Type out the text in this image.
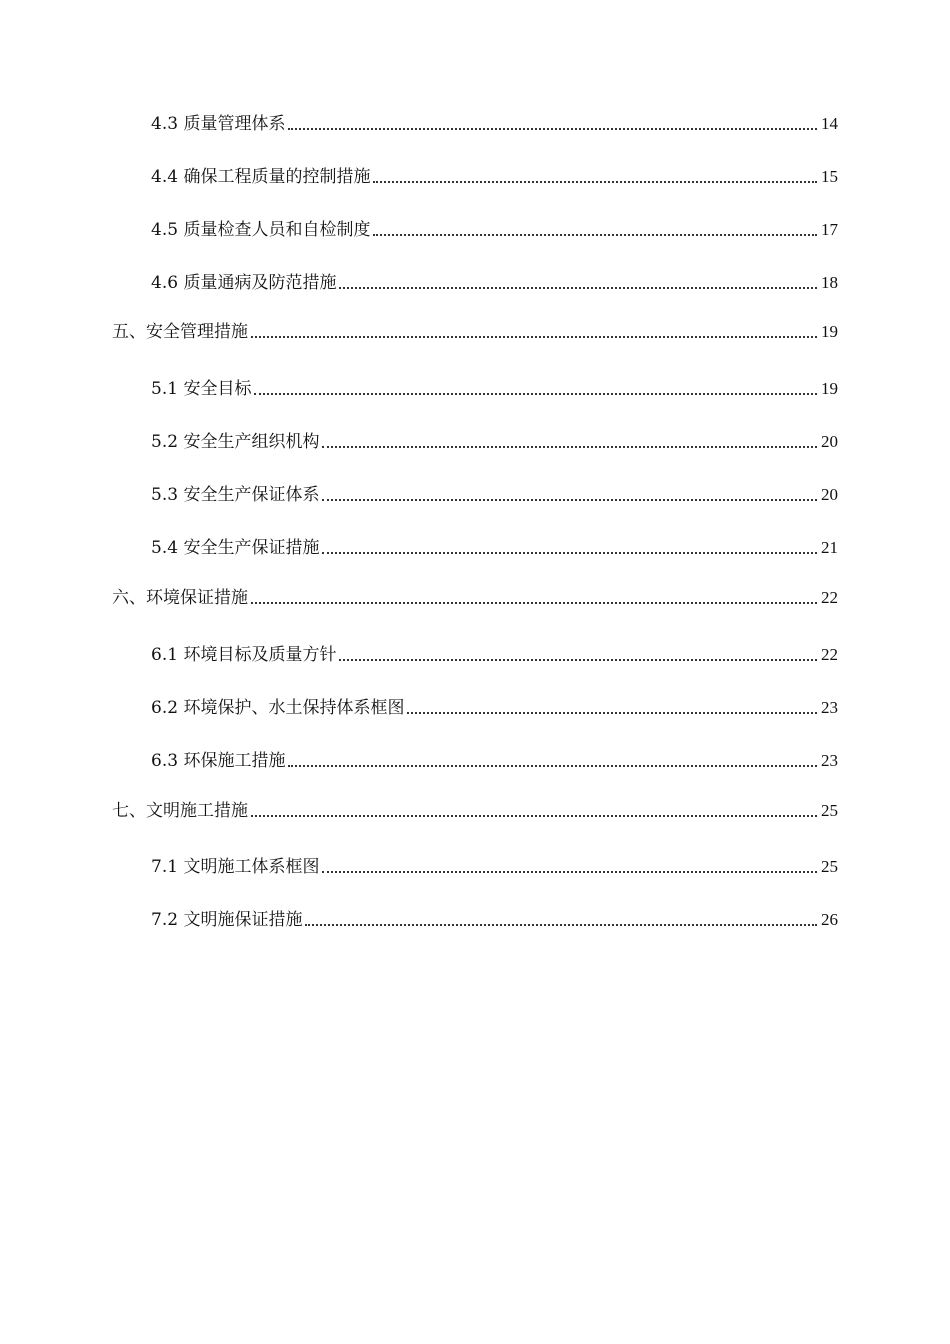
4.3 质量管理体系	14
4.4 确保工程质量的控制措施	15
4.5 质量检查人员和自检制度	17
4.6 质量通病及防范措施	18
五、安全管理措施	19
5.1 安全目标	19
5.2 安全生产组织机构	20
5.3 安全生产保证体系	20
5.4 安全生产保证措施	21
六、环境保证措施	22
6.1 环境目标及质量方针	22
6.2 环境保护、水土保持体系框图	23
6.3 环保施工措施	23
七、文明施工措施	25
7.1 文明施工体系框图	25
7.2 文明施保证措施	26
